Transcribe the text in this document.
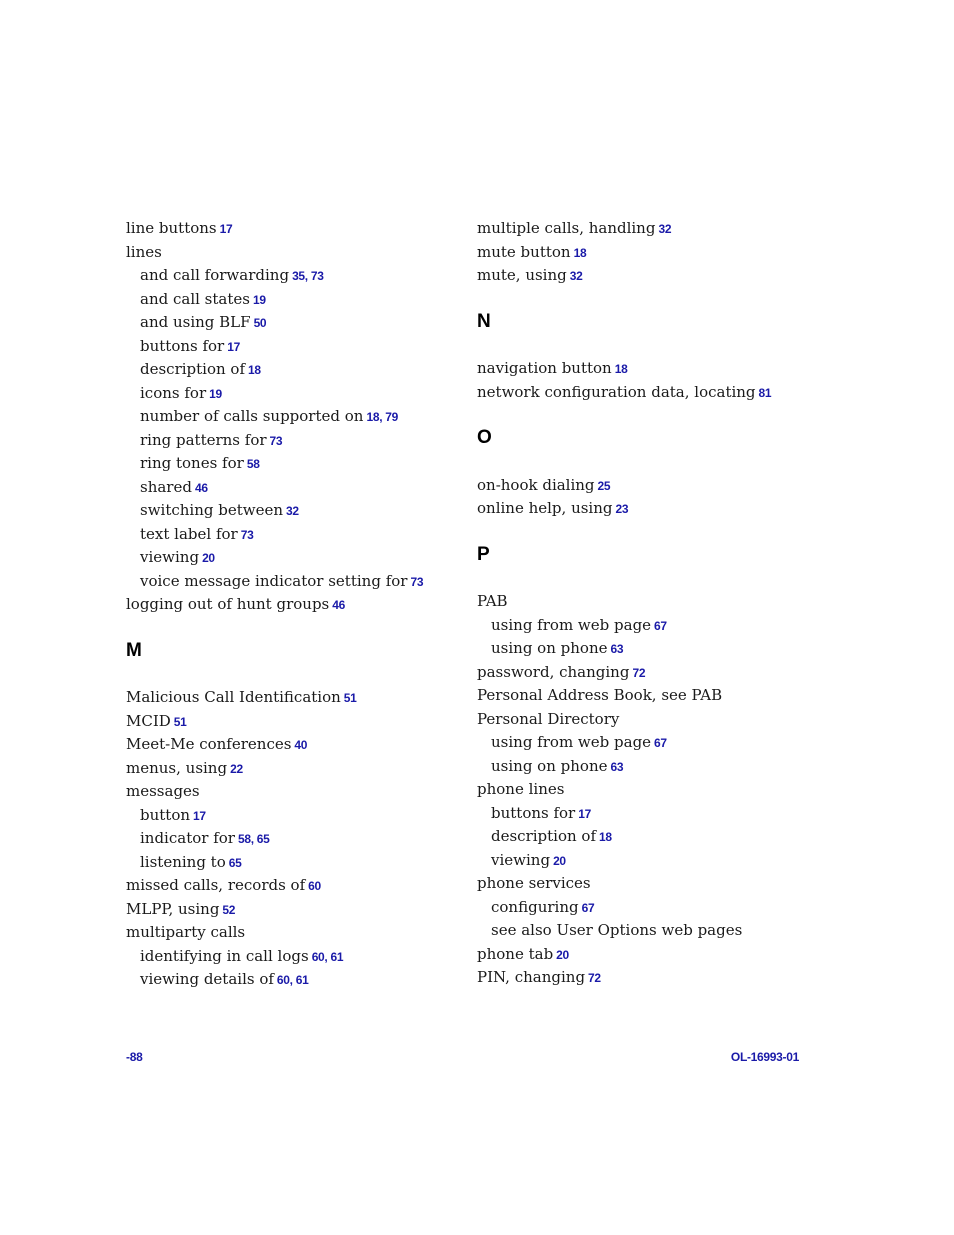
line buttons 17
lines
and call forwarding 35, 73
and call states 19
and using BLF 50
buttons for 17
description of 18
icons for 19
number of calls supported on 18, 79
ring patterns for 73
ring tones for 58
shared 46
switching between 32
text label for 73
viewing 20
voice message indicator setting for 73
logging out of hunt groups 46
M
Malicious Call Identification 51
MCID 51
Meet-Me conferences 40
menus, using 22
messages
button 17
indicator for 58, 65
listening to 65
missed calls, records of 60
MLPP, using 52
multiparty calls
identifying in call logs 60, 61
viewing details of 60, 61
multiple calls, handling 32
mute button 18
mute, using 32
N
navigation button 18
network configuration data, locating 81
O
on-hook dialing 25
online help, using 23
P
PAB
using from web page 67
using on phone 63
password, changing 72
Personal Address Book, see PAB
Personal Directory
using from web page 67
using on phone 63
phone lines
buttons for 17
description of 18
viewing 20
phone services
configuring 67
see also User Options web pages
phone tab 20
PIN, changing 72
-88	OL-16993-01
